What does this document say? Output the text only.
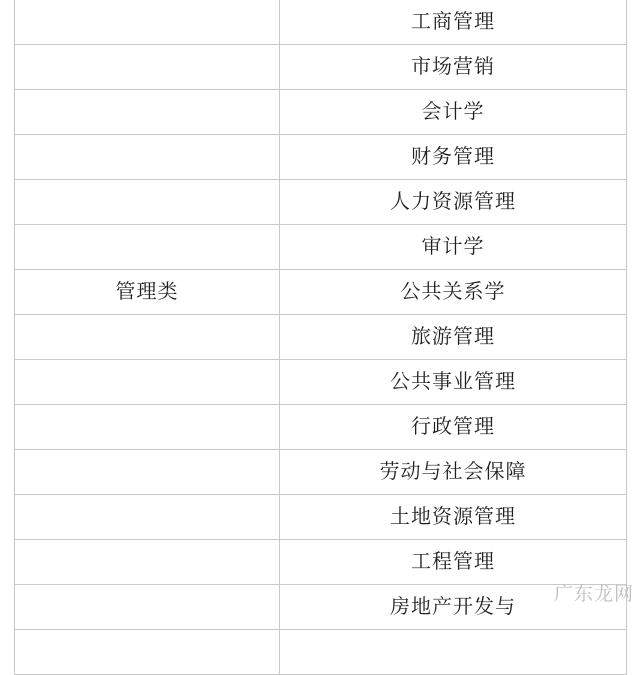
	工商管理
	市场营销
	会计学
	财务管理
	人力资源管理
	审计学
管理类	公共关系学
	旅游管理
	公共事业管理
	行政管理
	劳动与社会保障
	土地资源管理
	工程管理
	房地产开发与

广东龙网
